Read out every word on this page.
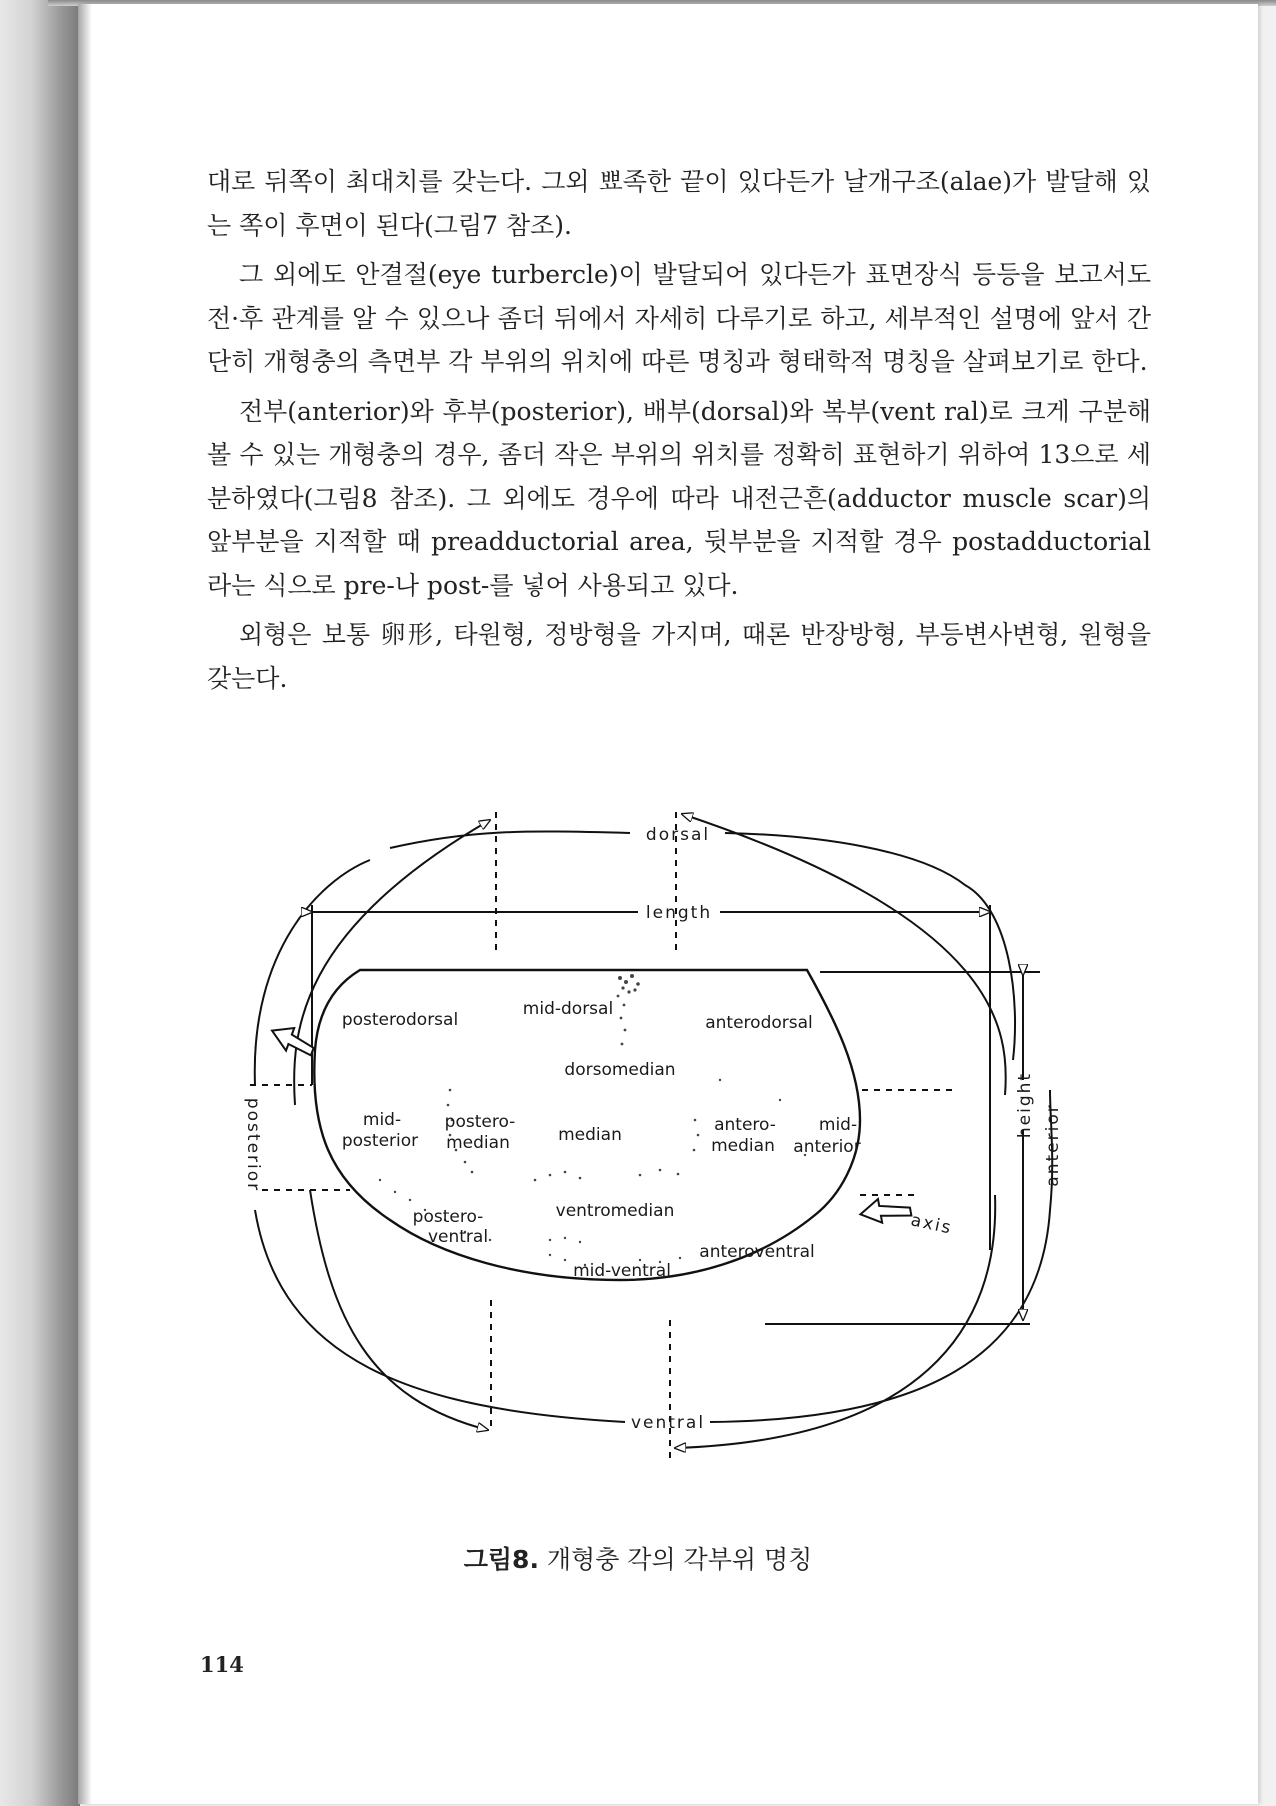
대로 뒤쪽이 최대치를 갖는다. 그외 뾰족한 끝이 있다든가 날개구조(alae)가 발달해 있는 쪽이 후면이 된다(그림7 참조).

그 외에도 안결절(eye turbercle)이 발달되어 있다든가 표면장식 등등을 보고서도 전·후 관계를 알 수 있으나 좀더 뒤에서 자세히 다루기로 하고, 세부적인 설명에 앞서 간단히 개형충의 측면부 각 부위의 위치에 따른 명칭과 형태학적 명칭을 살펴보기로 한다.

전부(anterior)와 후부(posterior), 배부(dorsal)와 복부(vent ral)로 크게 구분해 볼 수 있는 개형충의 경우, 좀더 작은 부위의 위치를 정확히 표현하기 위하여 13으로 세분하였다(그림8 참조). 그 외에도 경우에 따라 내전근흔(adductor muscle scar)의 앞부분을 지적할 때 preadductorial area, 뒷부분을 지적할 경우 postadductorial라는 식으로 pre-나 post-를 넣어 사용되고 있다.

외형은 보통 卵形, 타원형, 정방형을 가지며, 때론 반장방형, 부등변사변형, 원형을 갖는다.

dorsal
length
ventral
posterior	anterior
height
axis
posterodorsal
mid-dorsal
anterodorsal
dorsomedian
mid-
posterior
postero-
median	median	antero-
median
mid-
anterior
ventromedian
postero-
ventral
anteroventral
mid-ventral
그림8. 개형충 각의 각부위 명칭
114
